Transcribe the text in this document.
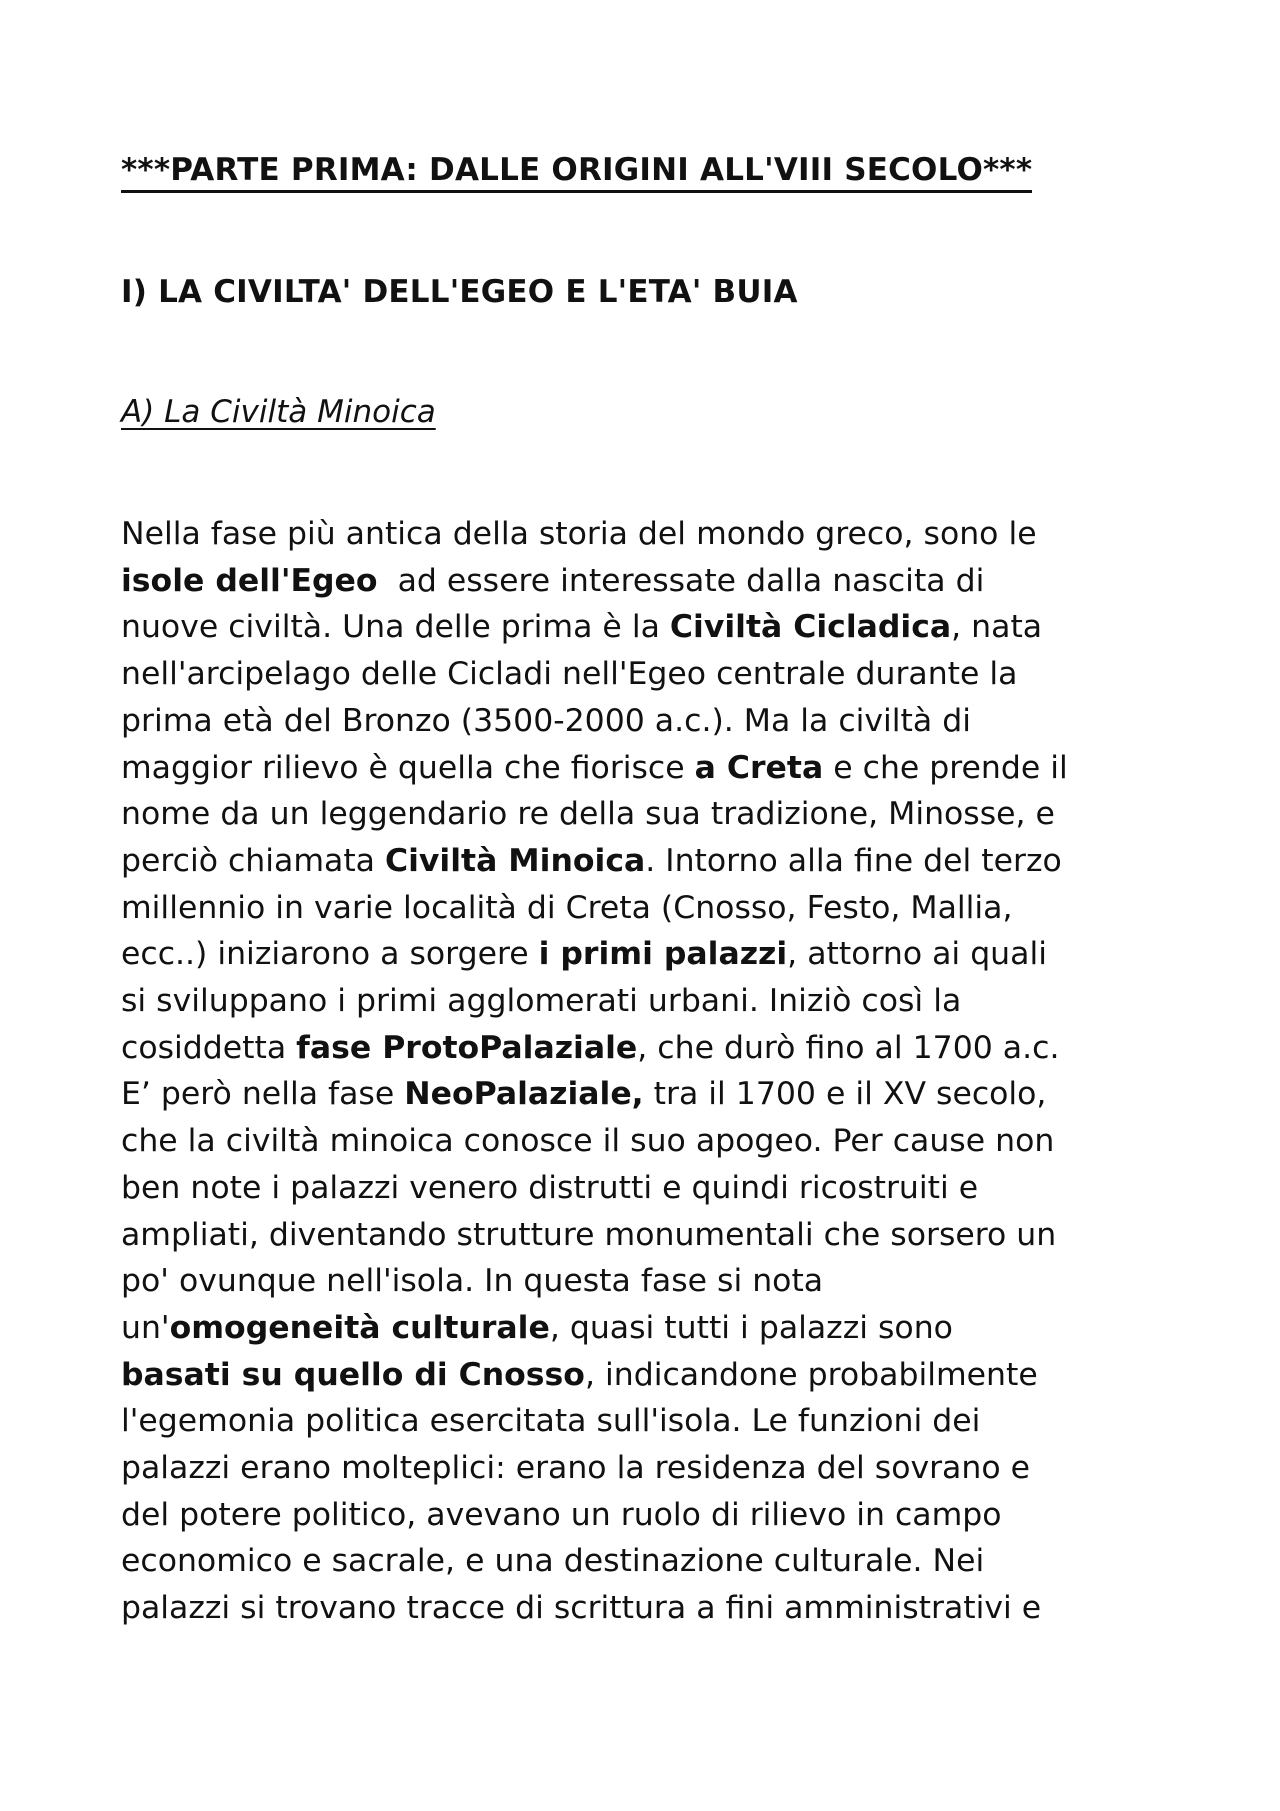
***PARTE PRIMA: DALLE ORIGINI ALL'VIII SECOLO***
I) LA CIVILTA' DELL'EGEO E L'ETA' BUIA
A) La Civiltà Minoica

Nella fase più antica della storia del mondo greco, sono le
isole dell'Egeo  ad essere interessate dalla nascita di
nuove civiltà. Una delle prima è la Civiltà Cicladica, nata
nell'arcipelago delle Cicladi nell'Egeo centrale durante la
prima età del Bronzo (3500-2000 a.c.). Ma la civiltà di
maggior rilievo è quella che fiorisce a Creta e che prende il
nome da un leggendario re della sua tradizione, Minosse, e
perciò chiamata Civiltà Minoica. Intorno alla fine del terzo
millennio in varie località di Creta (Cnosso, Festo, Mallia,
ecc..) iniziarono a sorgere i primi palazzi, attorno ai quali
si sviluppano i primi agglomerati urbani. Iniziò così la
cosiddetta fase ProtoPalaziale, che durò fino al 1700 a.c.
E’ però nella fase NeoPalaziale, tra il 1700 e il XV secolo,
che la civiltà minoica conosce il suo apogeo. Per cause non
ben note i palazzi venero distrutti e quindi ricostruiti e
ampliati, diventando strutture monumentali che sorsero un
po' ovunque nell'isola. In questa fase si nota
un'omogeneità culturale, quasi tutti i palazzi sono
basati su quello di Cnosso, indicandone probabilmente
l'egemonia politica esercitata sull'isola. Le funzioni dei
palazzi erano molteplici: erano la residenza del sovrano e
del potere politico, avevano un ruolo di rilievo in campo
economico e sacrale, e una destinazione culturale. Nei
palazzi si trovano tracce di scrittura a fini amministrativi e
